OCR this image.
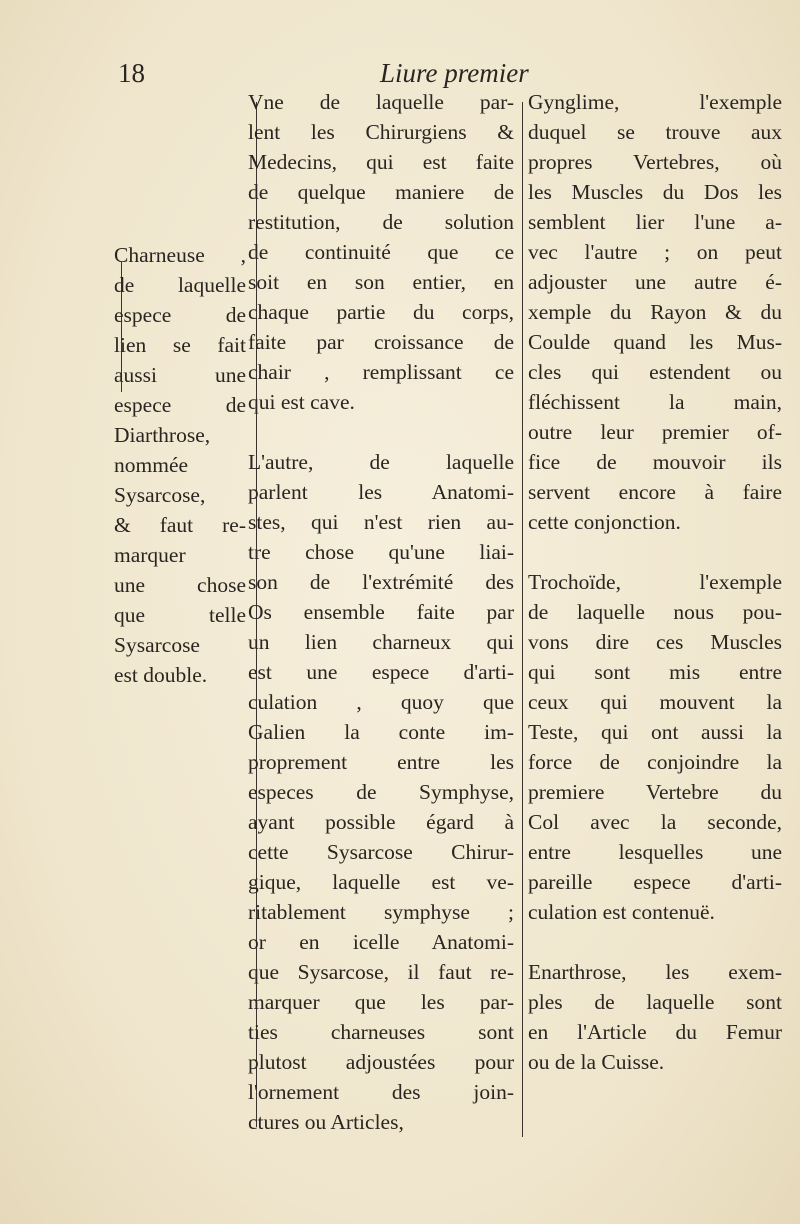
18	Liure premier
Charneuse ,
de laquelle
espece de
lien se fait
aussi une
espece de
Diarthrose,
nommée
Sysarcose,
& faut re-
marquer
une chose
que telle
Sysarcose
est double.
Vne de laquelle par-
lent les Chirurgiens &
Medecins, qui est faite
de quelque maniere de
restitution, de solution
de continuité que ce
soit en son entier, en
chaque partie du corps,
faite par croissance de
chair , remplissant ce
qui est cave.
L'autre, de laquelle
parlent les Anatomi-
stes, qui n'est rien au-
tre chose qu'une liai-
son de l'extrémité des
Os ensemble faite par
un lien charneux qui
est une espece d'arti-
culation , quoy que
Galien la conte im-
proprement entre les
especes de Symphyse,
ayant possible égard à
cette Sysarcose Chirur-
gique, laquelle est ve-
ritablement symphyse ;
or en icelle Anatomi-
que Sysarcose, il faut re-
marquer que les par-
ties charneuses sont
plutost adjoustées pour
l'ornement des join-
ctures ou Articles,
Gynglime, l'exemple
duquel se trouve aux
propres Vertebres, où
les Muscles du Dos les
semblent lier l'une a-
vec l'autre ; on peut
adjouster une autre é-
xemple du Rayon & du
Coulde quand les Mus-
cles qui estendent ou
fléchissent la main,
outre leur premier of-
fice de mouvoir ils
servent encore à faire
cette conjonction.
Trochoïde, l'exemple
de laquelle nous pou-
vons dire ces Muscles
qui sont mis entre
ceux qui mouvent la
Teste, qui ont aussi la
force de conjoindre la
premiere Vertebre du
Col avec la seconde,
entre lesquelles une
pareille espece d'arti-
culation est contenuë.
Enarthrose, les exem-
ples de laquelle sont
en l'Article du Femur
ou de la Cuisse.
